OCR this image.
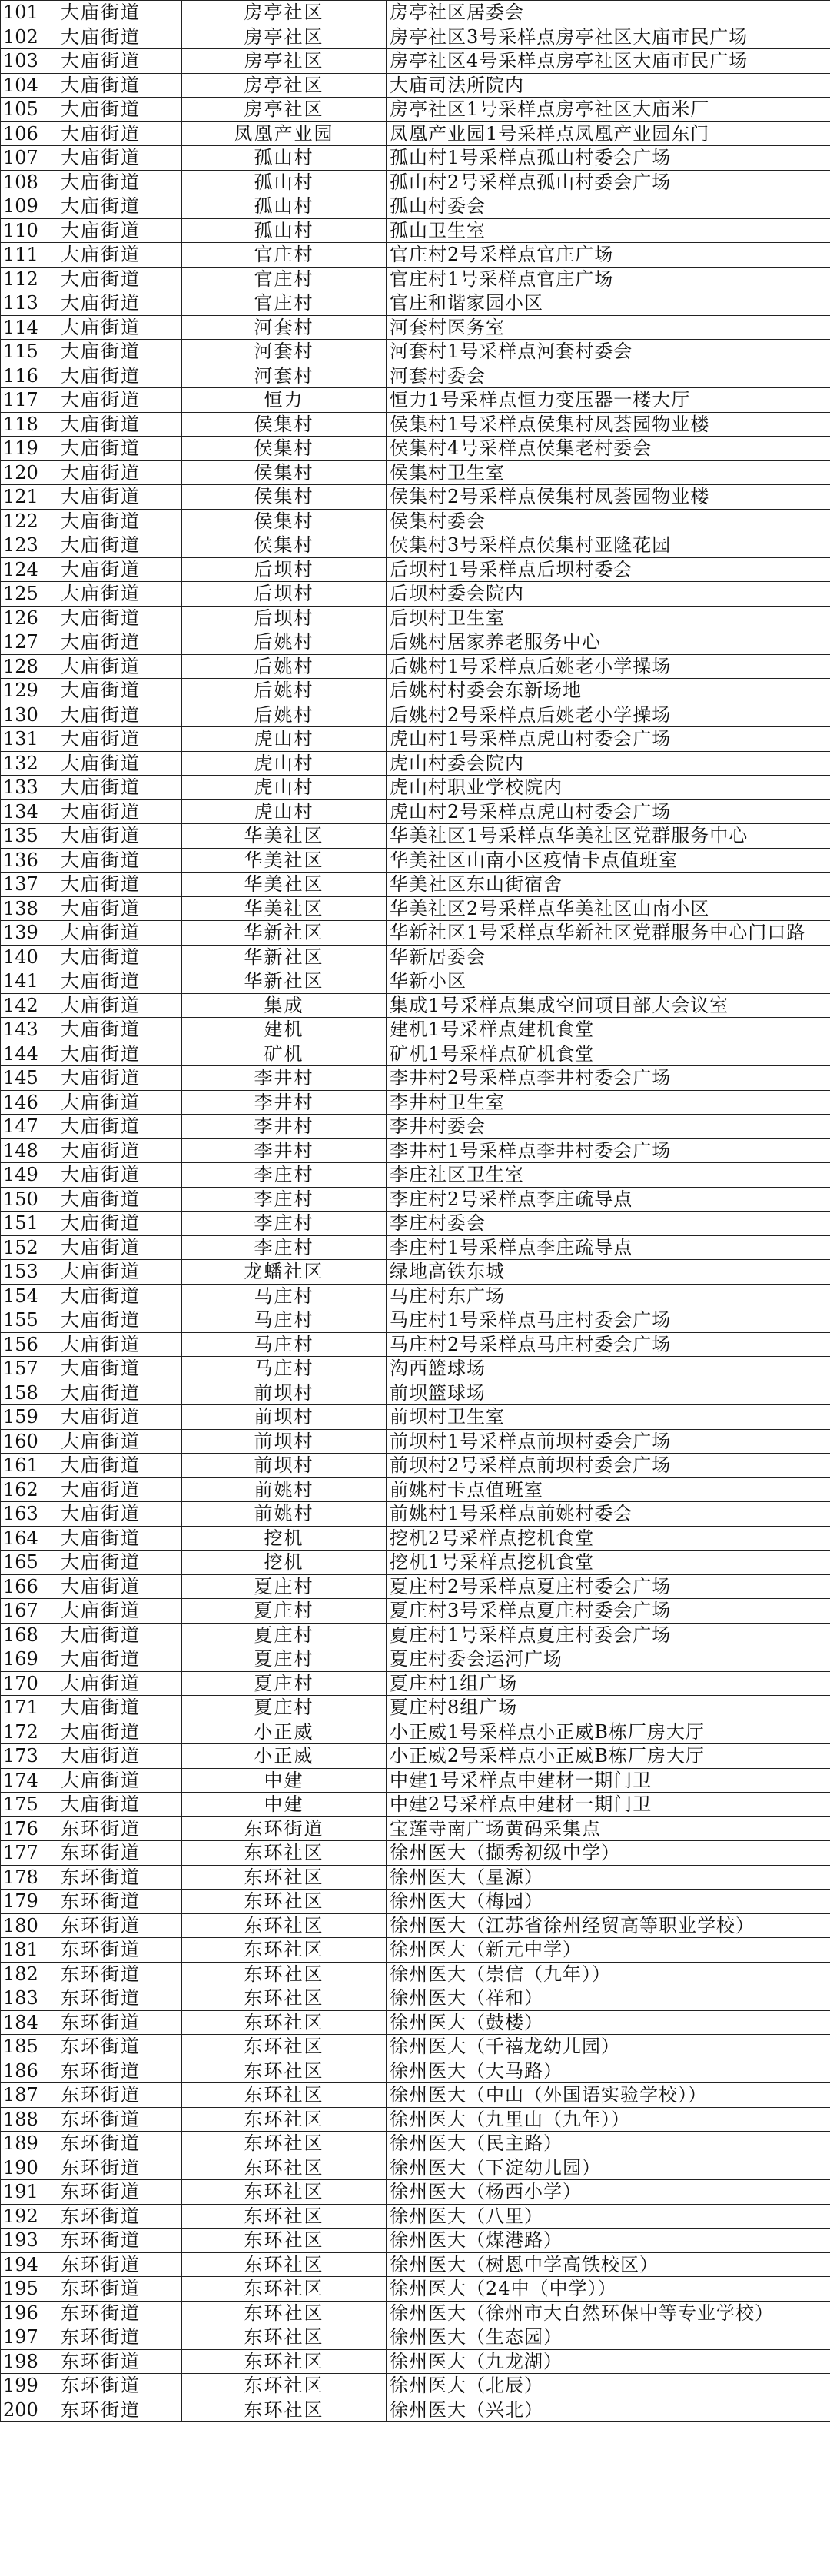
101	大庙街道	房亭社区	房亭社区居委会
102	大庙街道	房亭社区	房亭社区3号采样点房亭社区大庙市民广场
103	大庙街道	房亭社区	房亭社区4号采样点房亭社区大庙市民广场
104	大庙街道	房亭社区	大庙司法所院内
105	大庙街道	房亭社区	房亭社区1号采样点房亭社区大庙米厂
106	大庙街道	凤凰产业园	凤凰产业园1号采样点凤凰产业园东门
107	大庙街道	孤山村	孤山村1号采样点孤山村委会广场
108	大庙街道	孤山村	孤山村2号采样点孤山村委会广场
109	大庙街道	孤山村	孤山村委会
110	大庙街道	孤山村	孤山卫生室
111	大庙街道	官庄村	官庄村2号采样点官庄广场
112	大庙街道	官庄村	官庄村1号采样点官庄广场
113	大庙街道	官庄村	官庄和谐家园小区
114	大庙街道	河套村	河套村医务室
115	大庙街道	河套村	河套村1号采样点河套村委会
116	大庙街道	河套村	河套村委会
117	大庙街道	恒力	恒力1号采样点恒力变压器一楼大厅
118	大庙街道	侯集村	侯集村1号采样点侯集村凤荟园物业楼
119	大庙街道	侯集村	侯集村4号采样点侯集老村委会
120	大庙街道	侯集村	侯集村卫生室
121	大庙街道	侯集村	侯集村2号采样点侯集村凤荟园物业楼
122	大庙街道	侯集村	侯集村委会
123	大庙街道	侯集村	侯集村3号采样点侯集村亚隆花园
124	大庙街道	后坝村	后坝村1号采样点后坝村委会
125	大庙街道	后坝村	后坝村委会院内
126	大庙街道	后坝村	后坝村卫生室
127	大庙街道	后姚村	后姚村居家养老服务中心
128	大庙街道	后姚村	后姚村1号采样点后姚老小学操场
129	大庙街道	后姚村	后姚村村委会东新场地
130	大庙街道	后姚村	后姚村2号采样点后姚老小学操场
131	大庙街道	虎山村	虎山村1号采样点虎山村委会广场
132	大庙街道	虎山村	虎山村委会院内
133	大庙街道	虎山村	虎山村职业学校院内
134	大庙街道	虎山村	虎山村2号采样点虎山村委会广场
135	大庙街道	华美社区	华美社区1号采样点华美社区党群服务中心
136	大庙街道	华美社区	华美社区山南小区疫情卡点值班室
137	大庙街道	华美社区	华美社区东山街宿舍
138	大庙街道	华美社区	华美社区2号采样点华美社区山南小区
139	大庙街道	华新社区	华新社区1号采样点华新社区党群服务中心门口路
140	大庙街道	华新社区	华新居委会
141	大庙街道	华新社区	华新小区
142	大庙街道	集成	集成1号采样点集成空间项目部大会议室
143	大庙街道	建机	建机1号采样点建机食堂
144	大庙街道	矿机	矿机1号采样点矿机食堂
145	大庙街道	李井村	李井村2号采样点李井村委会广场
146	大庙街道	李井村	李井村卫生室
147	大庙街道	李井村	李井村委会
148	大庙街道	李井村	李井村1号采样点李井村委会广场
149	大庙街道	李庄村	李庄社区卫生室
150	大庙街道	李庄村	李庄村2号采样点李庄疏导点
151	大庙街道	李庄村	李庄村委会
152	大庙街道	李庄村	李庄村1号采样点李庄疏导点
153	大庙街道	龙蟠社区	绿地高铁东城
154	大庙街道	马庄村	马庄村东广场
155	大庙街道	马庄村	马庄村1号采样点马庄村委会广场
156	大庙街道	马庄村	马庄村2号采样点马庄村委会广场
157	大庙街道	马庄村	沟西篮球场
158	大庙街道	前坝村	前坝篮球场
159	大庙街道	前坝村	前坝村卫生室
160	大庙街道	前坝村	前坝村1号采样点前坝村委会广场
161	大庙街道	前坝村	前坝村2号采样点前坝村委会广场
162	大庙街道	前姚村	前姚村卡点值班室
163	大庙街道	前姚村	前姚村1号采样点前姚村委会
164	大庙街道	挖机	挖机2号采样点挖机食堂
165	大庙街道	挖机	挖机1号采样点挖机食堂
166	大庙街道	夏庄村	夏庄村2号采样点夏庄村委会广场
167	大庙街道	夏庄村	夏庄村3号采样点夏庄村委会广场
168	大庙街道	夏庄村	夏庄村1号采样点夏庄村委会广场
169	大庙街道	夏庄村	夏庄村委会运河广场
170	大庙街道	夏庄村	夏庄村1组广场
171	大庙街道	夏庄村	夏庄村8组广场
172	大庙街道	小正威	小正威1号采样点小正威B栋厂房大厅
173	大庙街道	小正威	小正威2号采样点小正威B栋厂房大厅
174	大庙街道	中建	中建1号采样点中建材一期门卫
175	大庙街道	中建	中建2号采样点中建材一期门卫
176	东环街道	东环街道	宝莲寺南广场黄码采集点
177	东环街道	东环社区	徐州医大（撷秀初级中学）
178	东环街道	东环社区	徐州医大（星源）
179	东环街道	东环社区	徐州医大（梅园）
180	东环街道	东环社区	徐州医大（江苏省徐州经贸高等职业学校）
181	东环街道	东环社区	徐州医大（新元中学）
182	东环街道	东环社区	徐州医大（崇信（九年））
183	东环街道	东环社区	徐州医大（祥和）
184	东环街道	东环社区	徐州医大（鼓楼）
185	东环街道	东环社区	徐州医大（千禧龙幼儿园）
186	东环街道	东环社区	徐州医大（大马路）
187	东环街道	东环社区	徐州医大（中山（外国语实验学校））
188	东环街道	东环社区	徐州医大（九里山（九年））
189	东环街道	东环社区	徐州医大（民主路）
190	东环街道	东环社区	徐州医大（下淀幼儿园）
191	东环街道	东环社区	徐州医大（杨西小学）
192	东环街道	东环社区	徐州医大（八里）
193	东环街道	东环社区	徐州医大（煤港路）
194	东环街道	东环社区	徐州医大（树恩中学高铁校区）
195	东环街道	东环社区	徐州医大（24中（中学））
196	东环街道	东环社区	徐州医大（徐州市大自然环保中等专业学校）
197	东环街道	东环社区	徐州医大（生态园）
198	东环街道	东环社区	徐州医大（九龙湖）
199	东环街道	东环社区	徐州医大（北辰）
200	东环街道	东环社区	徐州医大（兴北）
